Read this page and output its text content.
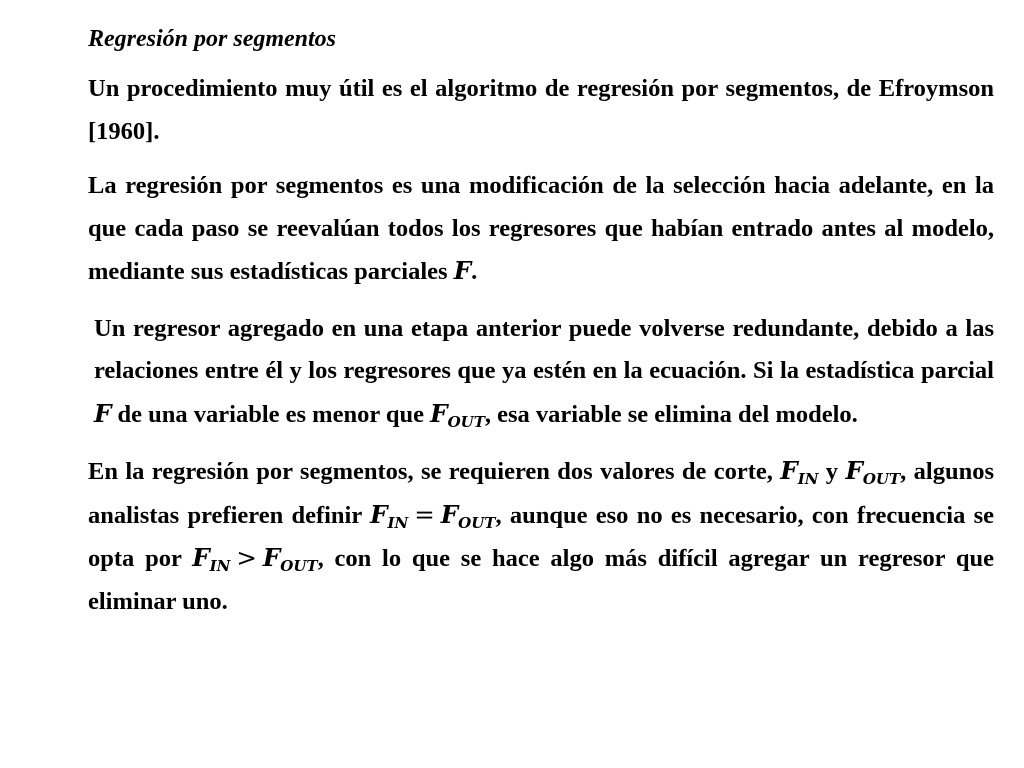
Regresión por segmentos

Un procedimiento muy útil es el algoritmo de regresión por segmentos, de Efroymson [1960].

La regresión por segmentos es una modificación de la selección hacia adelante, en la que cada paso se reevalúan todos los regresores que habían entrado antes al modelo, mediante sus estadísticas parciales F.

Un regresor agregado en una etapa anterior puede volverse redundante, debido a las relaciones entre él y los regresores que ya estén en la ecuación. Si la estadística parcial F de una variable es menor que $F_{OUT}$, esa variable se elimina del modelo.

En la regresión por segmentos, se requieren dos valores de corte, $F_{IN}$ y $F_{OUT}$, algunos analistas prefieren definir $F_{IN} = F_{OUT}$, aunque eso no es necesario, con frecuencia se opta por $F_{IN} > F_{OUT}$, con lo que se hace algo más difícil agregar un regresor que eliminar uno.
